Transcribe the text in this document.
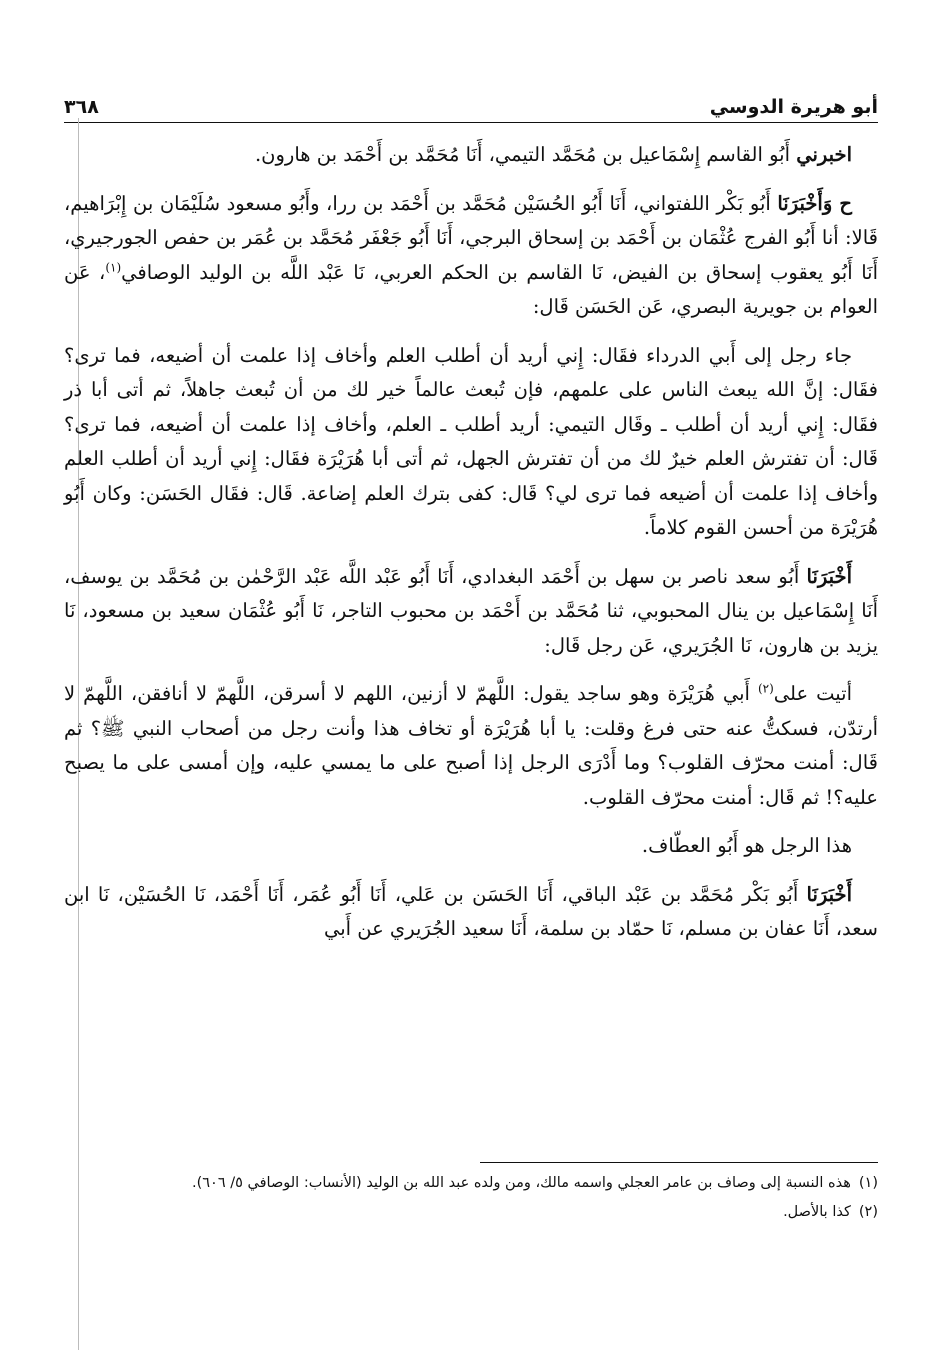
أبو هريرة الدوسي
٣٦٨

اخبرني أَبُو القاسم إِسْمَاعيل بن مُحَمَّد التيمي، أَنَا مُحَمَّد بن أَحْمَد بن هارون.

ح وَأَخْبَرَنَا أَبُو بَكْر اللفتواني، أَنَا أَبُو الحُسَيْن مُحَمَّد بن أَحْمَد بن ررا، وأَبُو مسعود سُلَيْمَان بن إِبْرَاهيم، قَالا: أنا أَبُو الفرج عُثْمَان بن أَحْمَد بن إسحاق البرجي، أَنَا أَبُو جَعْفَر مُحَمَّد بن عُمَر بن حفص الجورجيري، أَنَا أَبُو يعقوب إسحاق بن الفيض، نَا القاسم بن الحكم العربي، نَا عَبْد اللَّه بن الوليد الوصافي$^{(١)}$، عَن العوام بن جويرية البصري، عَن الحَسَن قَال:

جاء رجل إلى أَبي الدرداء فقَال: إِني أريد أن أطلب العلم وأخاف إذا علمت أن أضيعه، فما ترى؟ فقَال: إنَّ الله يبعث الناس على علمهم، فإن تُبعث عالماً خير لك من أن تُبعث جاهلاً، ثم أتى أبا ذر فقَال: إِني أريد أن أطلب ـ وقَال التيمي: أريد أطلب ـ العلم، وأخاف إذا علمت أن أضيعه، فما ترى؟ قَال: أن تفترش العلم خيرٌ لك من أن تفترش الجهل، ثم أتى أبا هُرَيْرَة فقَال: إِني أريد أن أطلب العلم وأخاف إذا علمت أن أضيعه فما ترى لي؟ قَال: كفى بترك العلم إضاعة. قَال: فقَال الحَسَن: وكان أَبُو هُرَيْرَة من أحسن القوم كلاماً.

أَخْبَرَنَا أَبُو سعد ناصر بن سهل بن أَحْمَد البغدادي، أَنَا أَبُو عَبْد اللَّه عَبْد الرَّحْمٰن بن مُحَمَّد بن يوسف، أَنَا إِسْمَاعيل بن ينال المحبوبي، ثنا مُحَمَّد بن أَحْمَد بن محبوب التاجر، نَا أَبُو عُثْمَان سعيد بن مسعود، نَا يزيد بن هارون، نَا الجُرَيري، عَن رجل قَال:

أتيت على$^{(٢)}$ أَبي هُرَيْرَة وهو ساجد يقول: اللَّهمّ لا أزنين، اللهم لا أسرقن، اللَّهمّ لا أنافقن، اللَّهمّ لا أرتدّن، فسكتُّ عنه حتى فرغ وقلت: يا أبا هُرَيْرَة أو تخاف هذا وأنت رجل من أصحاب النبي ﷺ؟ ثم قَال: أمنت محرّف القلوب؟ وما أَدْرَى الرجل إذا أصبح على ما يمسي عليه، وإن أمسى على ما يصبح عليه؟! ثم قَال: أمنت محرّف القلوب.

هذا الرجل هو أَبُو العطّاف.

أَخْبَرَنَا أَبُو بَكْر مُحَمَّد بن عَبْد الباقي، أَنَا الحَسَن بن عَلي، أَنَا أَبُو عُمَر، أَنَا أَحْمَد، نَا الحُسَيْن، نَا ابن سعد، أَنَا عفان بن مسلم، نَا حمّاد بن سلمة، أَنَا سعيد الجُرَيري عن أَبي

(١)هذه النسبة إلى وصاف بن عامر العجلي واسمه مالك، ومن ولده عبد الله بن الوليد (الأنساب: الوصافي ٥/ ٦٠٦).

(٢)كذا بالأصل.
